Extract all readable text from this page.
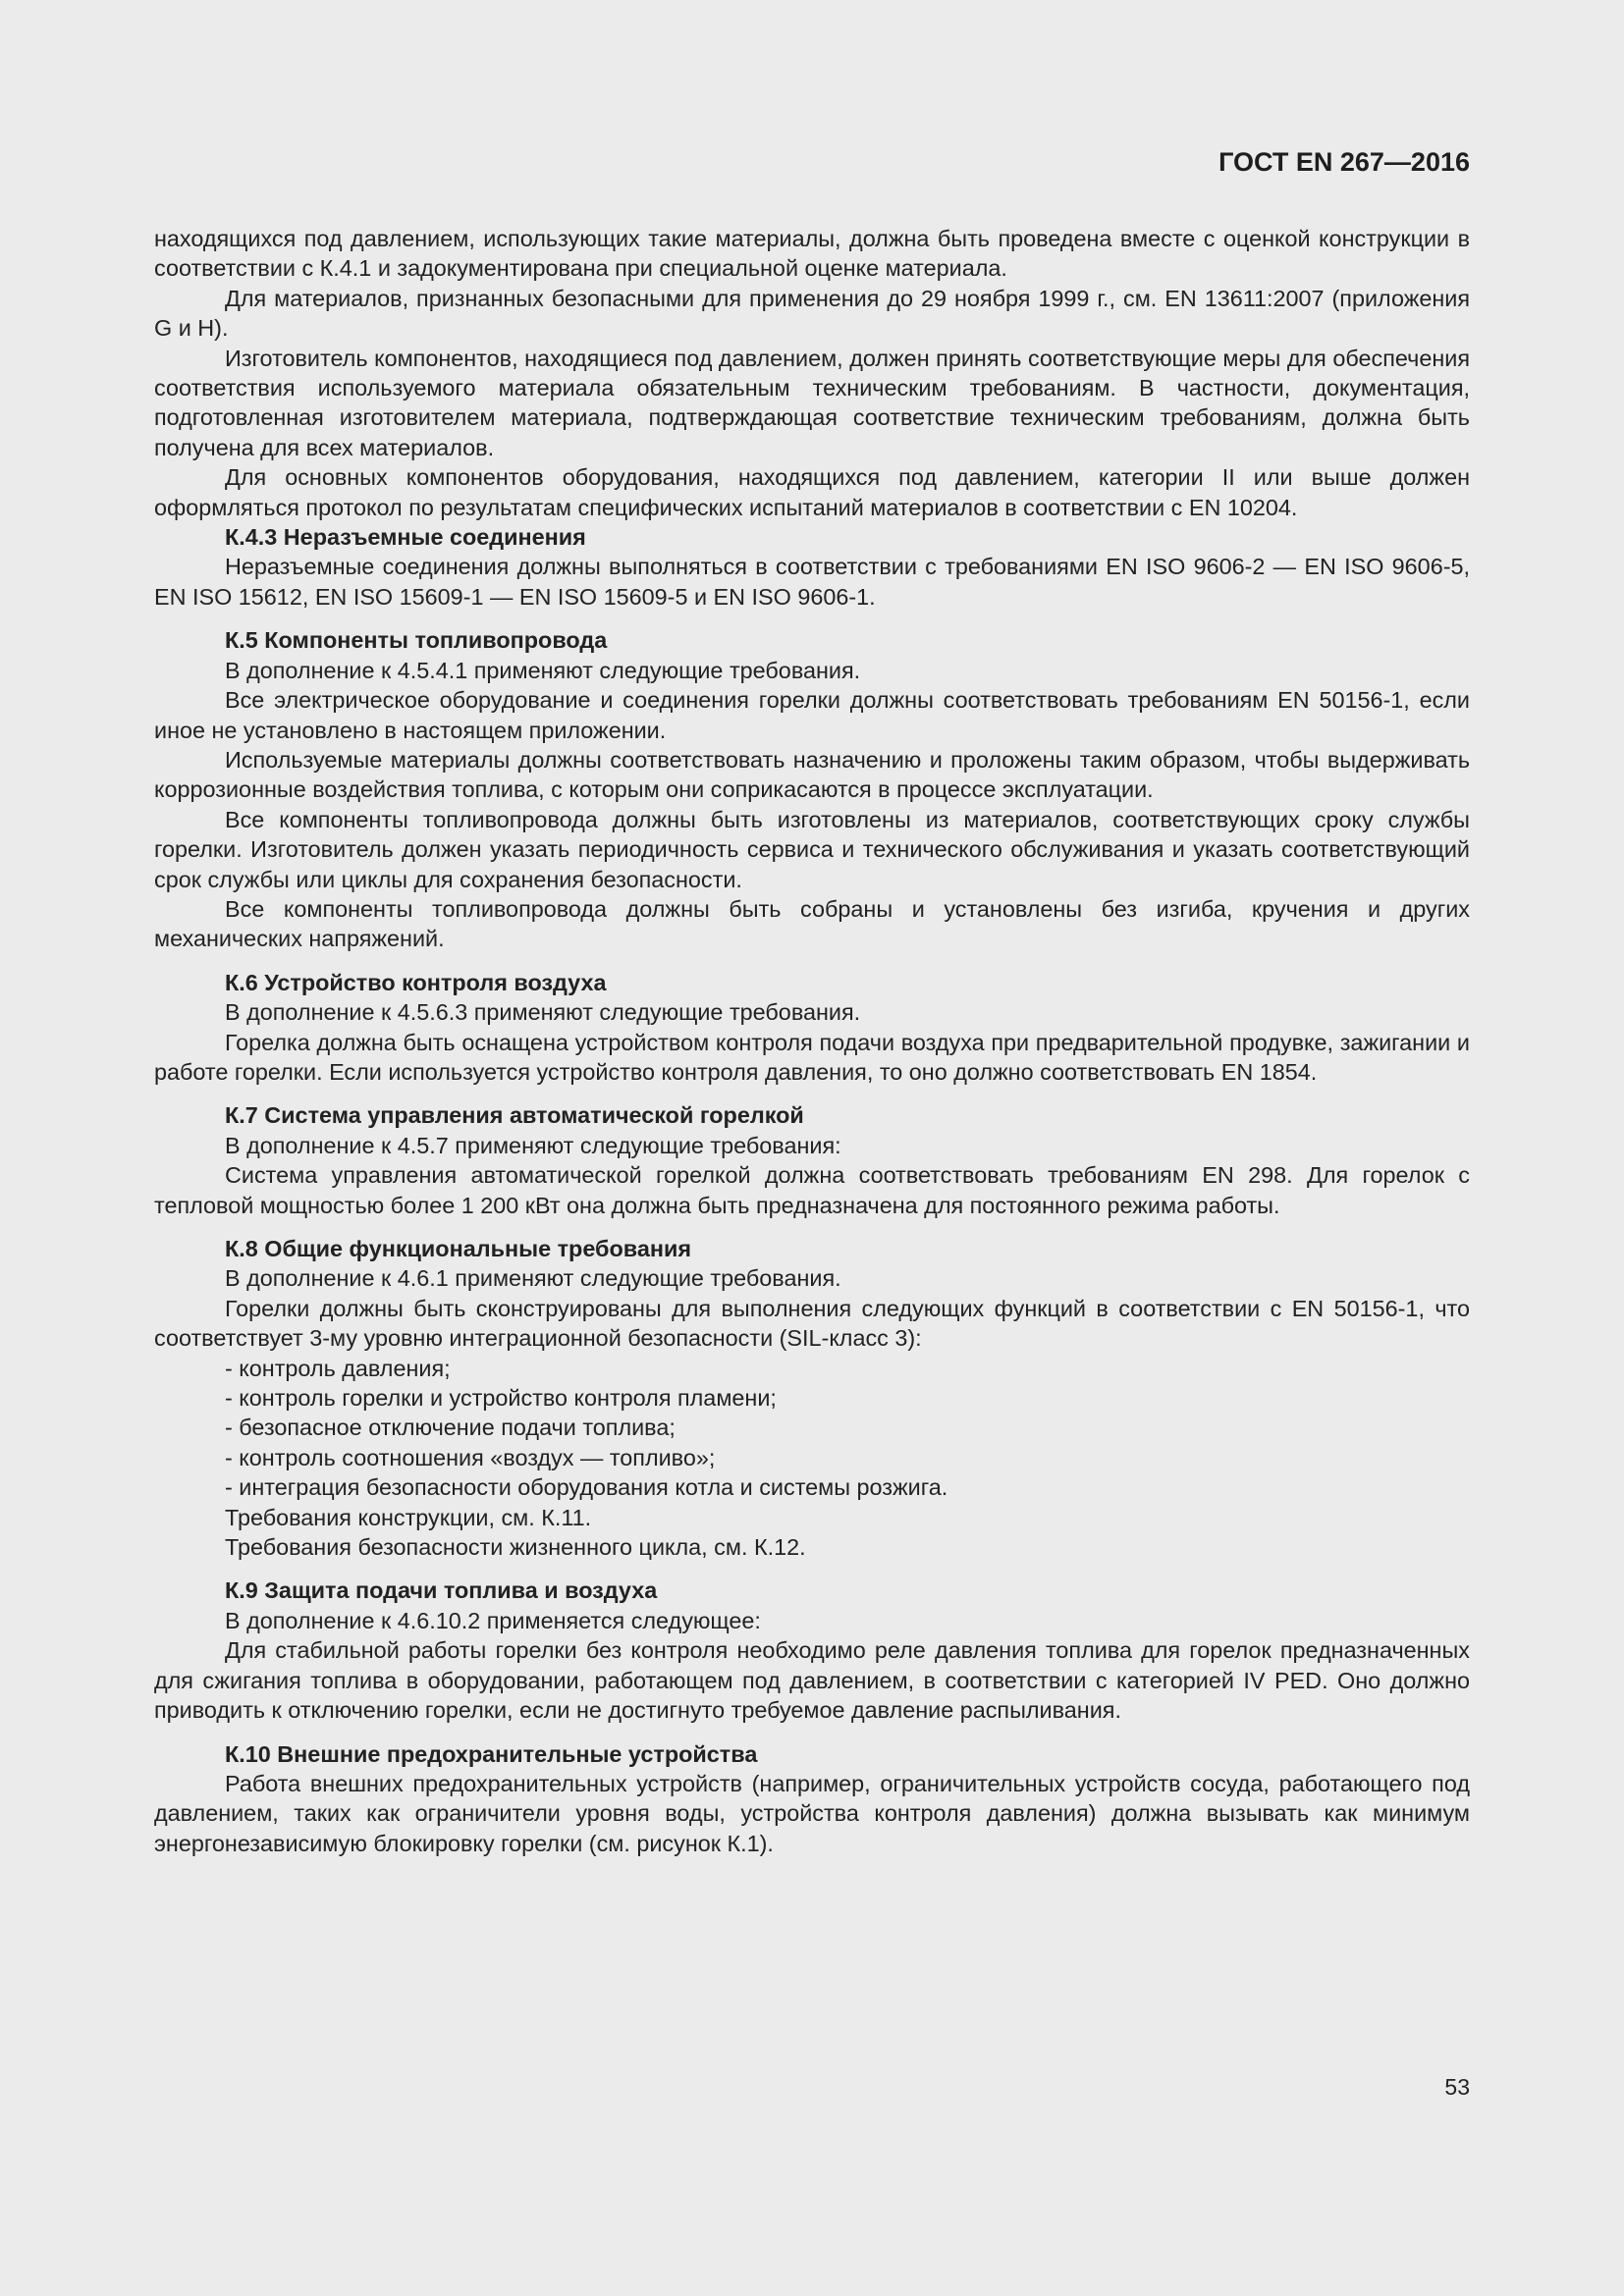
ГОСТ EN 267—2016

находящихся под давлением, использующих такие материалы, должна быть проведена вместе с оценкой конструкции в соответствии с К.4.1 и задокументирована при специальной оценке материала.

Для материалов, признанных безопасными для применения до 29 ноября 1999 г., см. EN 13611:2007 (приложения G и H).

Изготовитель компонентов, находящиеся под давлением, должен принять соответствующие меры для обеспечения соответствия используемого материала обязательным техническим требованиям. В частности, документация, подготовленная изготовителем материала, подтверждающая соответствие техническим требованиям, должна быть получена для всех материалов.

Для основных компонентов оборудования, находящихся под давлением, категории II или выше должен оформляться протокол по результатам специфических испытаний материалов в соответствии с EN 10204.

К.4.3 Неразъемные соединения

Неразъемные соединения должны выполняться в соответствии с требованиями EN ISO 9606-2 — EN ISO 9606-5, EN ISO 15612, EN ISO 15609-1 — EN ISO 15609-5 и EN ISO 9606-1.

К.5 Компоненты топливопровода

В дополнение к 4.5.4.1 применяют следующие требования.

Все электрическое оборудование и соединения горелки должны соответствовать требованиям EN 50156-1, если иное не установлено в настоящем приложении.

Используемые материалы должны соответствовать назначению и проложены таким образом, чтобы выдерживать коррозионные воздействия топлива, с которым они соприкасаются в процессе эксплуатации.

Все компоненты топливопровода должны быть изготовлены из материалов, соответствующих сроку службы горелки. Изготовитель должен указать периодичность сервиса и технического обслуживания и указать соответствующий срок службы или циклы для сохранения безопасности.

Все компоненты топливопровода должны быть собраны и установлены без изгиба, кручения и других механических напряжений.

К.6 Устройство контроля воздуха

В дополнение к 4.5.6.3 применяют следующие требования.

Горелка должна быть оснащена устройством контроля подачи воздуха при предварительной продувке, зажигании и работе горелки. Если используется устройство контроля давления, то оно должно соответствовать EN 1854.

К.7 Система управления автоматической горелкой

В дополнение к 4.5.7 применяют следующие требования:

Система управления автоматической горелкой должна соответствовать требованиям EN 298. Для горелок с тепловой мощностью более 1 200 кВт она должна быть предназначена для постоянного режима работы.

К.8 Общие функциональные требования

В дополнение к 4.6.1 применяют следующие требования.

Горелки должны быть сконструированы для выполнения следующих функций в соответствии с EN 50156-1, что соответствует 3-му уровню интеграционной безопасности (SIL-класс 3):

- контроль давления;

- контроль горелки и устройство контроля пламени;

- безопасное отключение подачи топлива;

- контроль соотношения «воздух — топливо»;

- интеграция безопасности оборудования котла и системы розжига.

Требования конструкции, см. К.11.

Требования безопасности жизненного цикла, см. К.12.

К.9 Защита подачи топлива и воздуха

В дополнение к 4.6.10.2 применяется следующее:

Для стабильной работы горелки без контроля необходимо реле давления топлива для горелок предназначенных для сжигания топлива в оборудовании, работающем под давлением, в соответствии с категорией IV PED. Оно должно приводить к отключению горелки, если не достигнуто требуемое давление распыливания.

К.10 Внешние предохранительные устройства

Работа внешних предохранительных устройств (например, ограничительных устройств сосуда, работающего под давлением, таких как ограничители уровня воды, устройства контроля давления) должна вызывать как минимум энергонезависимую блокировку горелки (см. рисунок К.1).

53
